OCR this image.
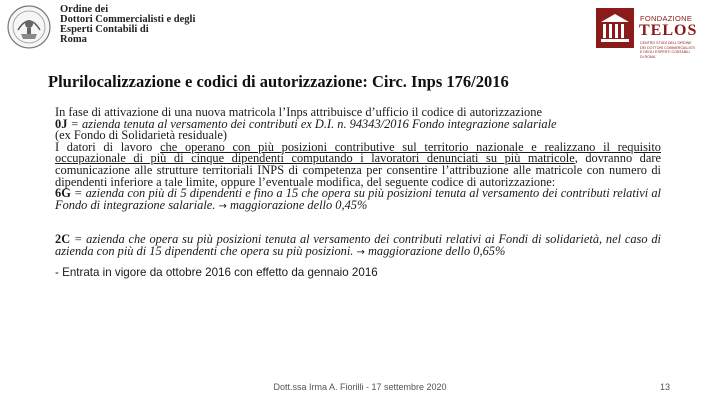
Ordine dei
Dottori Commercialisti e degli
Esperti Contabili di
Roma
FONDAZIONE
TELOS
CENTRO STUDI DELL'ORDINE
DEI DOTTORI COMMERCIALISTI
E DEGLI ESPERTI CONTABILI
DI ROMA
Plurilocalizzazione e codici di autorizzazione: Circ. Inps 176/2016

In fase di attivazione di una nuova matricola l’Inps attribuisce d’ufficio il codice di autorizzazione

0J = azienda tenuta al versamento dei contributi ex D.I. n. 94343/2016 Fondo integrazione salariale

(ex Fondo di Solidarietà residuale)

I datori di lavoro che operano con più posizioni contributive sul territorio nazionale e realizzano il requisito occupazionale di più di cinque dipendenti computando i lavoratori denunciati su più matricole, dovranno dare comunicazione alle strutture territoriali INPS di competenza per consentire l’attribuzione alle matricole con numero di dipendenti inferiore a tale limite, oppure l’eventuale modifica, del seguente codice di autorizzazione:

6G = azienda con più di 5 dipendenti e fino a 15 che opera su più posizioni tenuta al versamento dei contributi relativi al Fondo di integrazione salariale. → maggiorazione dello 0,45%

2C = azienda che opera su più posizioni tenuta al versamento dei contributi relativi ai Fondi di solidarietà, nel caso di azienda con più di 15 dipendenti che opera su più posizioni. → maggiorazione dello 0,65%

- Entrata in vigore da ottobre 2016 con effetto da gennaio 2016

Dott.ssa Irma A. Fiorilli - 17 settembre 2020	13
